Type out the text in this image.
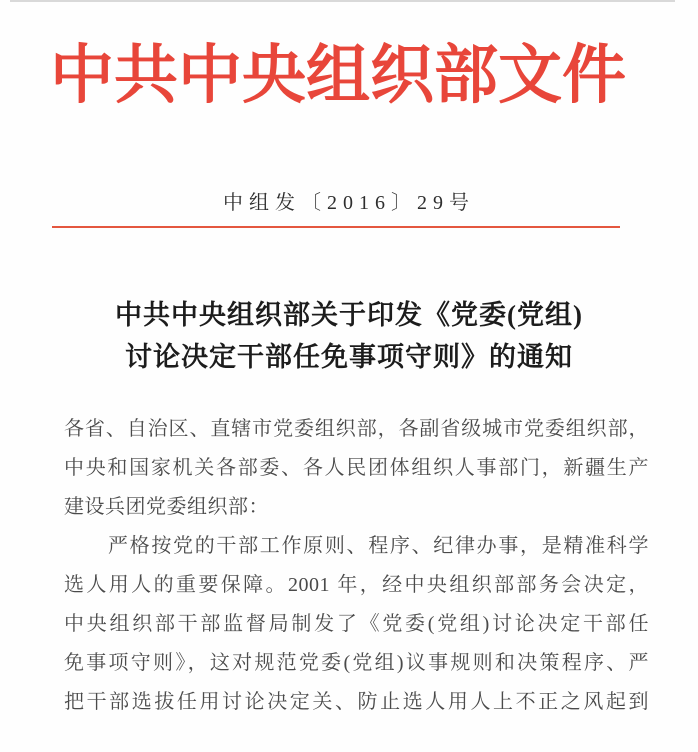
中共中央组织部文件
中组发〔2016〕29号
中共中央组织部关于印发《党委(党组)
讨论决定干部任免事项守则》的通知
各省、自治区、直辖市党委组织部，各副省级城市党委组织部，
中央和国家机关各部委、各人民团体组织人事部门，新疆生产
建设兵团党委组织部：
严格按党的干部工作原则、程序、纪律办事，是精准科学
选人用人的重要保障。2001 年，经中央组织部部务会决定，
中央组织部干部监督局制发了《党委(党组)讨论决定干部任
免事项守则》，这对规范党委(党组)议事规则和决策程序、严
把干部选拔任用讨论决定关、防止选人用人上不正之风起到
